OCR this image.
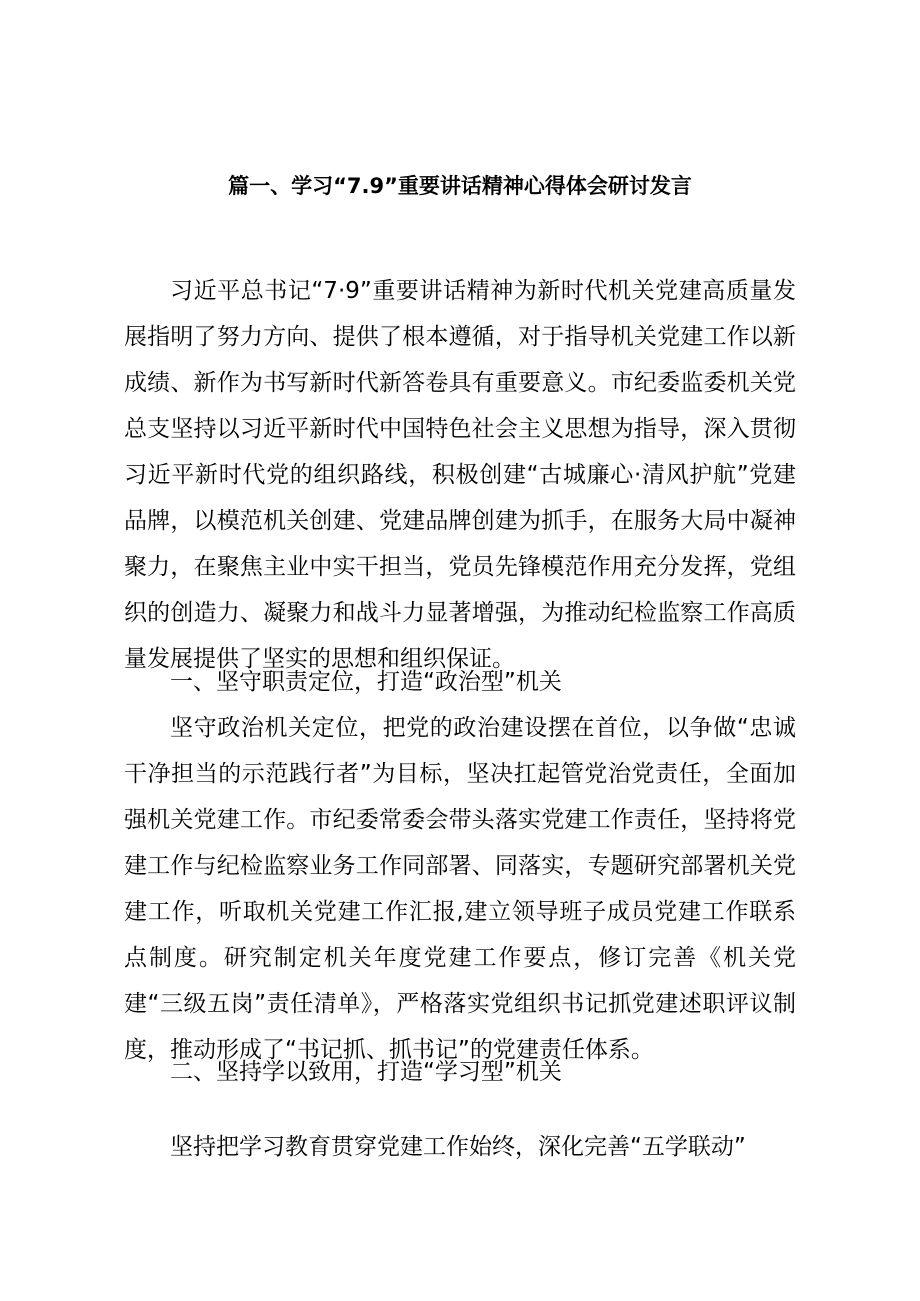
篇一、学习“7.9”重要讲话精神心得体会研讨发言

习近平总书记“7·9”重要讲话精神为新时代机关党建高质量发展指明了努力方向、提供了根本遵循，对于指导机关党建工作以新成绩、新作为书写新时代新答卷具有重要意义。市纪委监委机关党总支坚持以习近平新时代中国特色社会主义思想为指导，深入贯彻习近平新时代党的组织路线，积极创建“古城廉心·清风护航”党建品牌，以模范机关创建、党建品牌创建为抓手，在服务大局中凝神聚力，在聚焦主业中实干担当，党员先锋模范作用充分发挥，党组织的创造力、凝聚力和战斗力显著增强，为推动纪检监察工作高质量发展提供了坚实的思想和组织保证。

一、坚守职责定位，打造“政治型”机关

坚守政治机关定位，把党的政治建设摆在首位，以争做“忠诚干净担当的示范践行者”为目标，坚决扛起管党治党责任，全面加强机关党建工作。市纪委常委会带头落实党建工作责任，坚持将党建工作与纪检监察业务工作同部署、同落实，专题研究部署机关党建工作，听取机关党建工作汇报,建立领导班子成员党建工作联系点制度。研究制定机关年度党建工作要点，修订完善《机关党建“三级五岗”责任清单》，严格落实党组织书记抓党建述职评议制度，推动形成了“书记抓、抓书记”的党建责任体系。

二、坚持学以致用，打造“学习型”机关

坚持把学习教育贯穿党建工作始终，深化完善“五学联动”
